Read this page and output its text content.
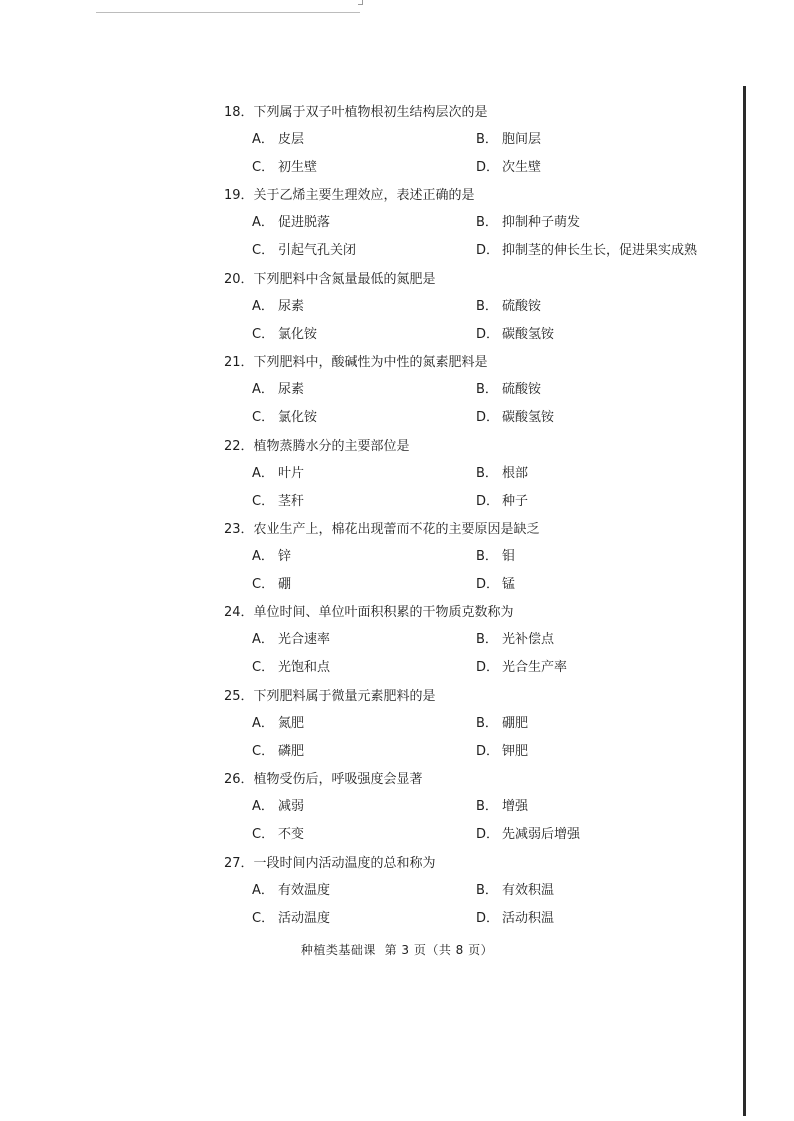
18．下列属于双子叶植物根初生结构层次的是
A． 皮层	B． 胞间层
C． 初生壁	D． 次生壁
19．关于乙烯主要生理效应，表述正确的是
A． 促进脱落	B． 抑制种子萌发
C． 引起气孔关闭	D． 抑制茎的伸长生长，促进果实成熟
20．下列肥料中含氮量最低的氮肥是
A． 尿素	B． 硫酸铵
C． 氯化铵	D． 碳酸氢铵
21．下列肥料中，酸碱性为中性的氮素肥料是
A． 尿素	B． 硫酸铵
C． 氯化铵	D． 碳酸氢铵
22．植物蒸腾水分的主要部位是
A． 叶片	B． 根部
C． 茎秆	D． 种子
23．农业生产上，棉花出现蕾而不花的主要原因是缺乏
A． 锌	B． 钼
C． 硼	D． 锰
24．单位时间、单位叶面积积累的干物质克数称为
A． 光合速率	B． 光补偿点
C． 光饱和点	D． 光合生产率
25．下列肥料属于微量元素肥料的是
A． 氮肥	B． 硼肥
C． 磷肥	D． 钾肥
26．植物受伤后，呼吸强度会显著
A． 减弱	B． 增强
C． 不变	D． 先减弱后增强
27．一段时间内活动温度的总和称为
A． 有效温度	B． 有效积温
C． 活动温度	D． 活动积温
种植类基础课 第 3 页（共 8 页）
